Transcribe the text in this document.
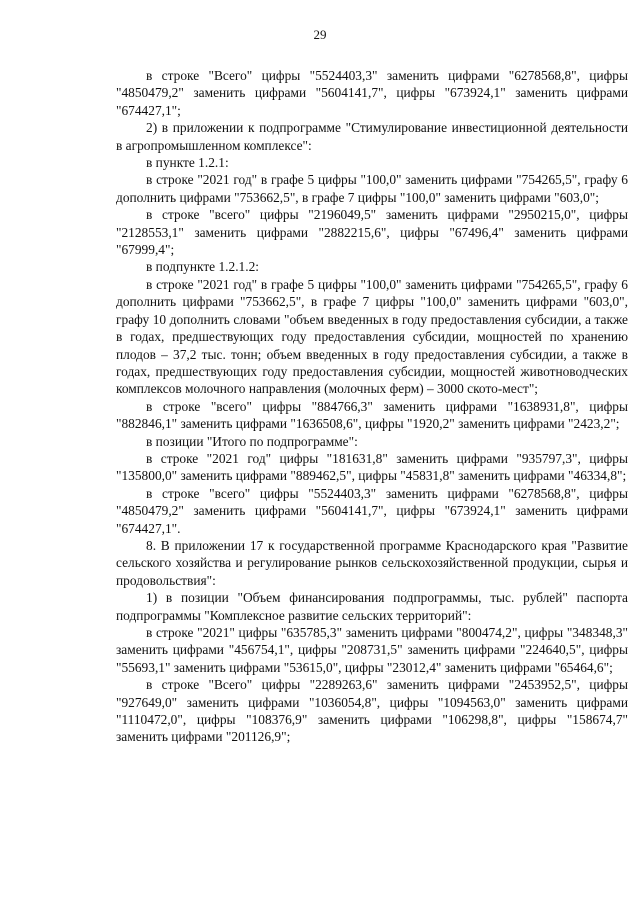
29

в строке "Всего" цифры "5524403,3" заменить цифрами "6278568,8", цифры "4850479,2" заменить цифрами "5604141,7", цифры "673924,1" заменить цифрами "674427,1";

2) в приложении к подпрограмме "Стимулирование инвестиционной деятельности в агропромышленном комплексе":

в пункте 1.2.1:

в строке "2021 год" в графе 5 цифры "100,0" заменить цифрами "754265,5", графу 6 дополнить цифрами "753662,5", в графе 7 цифры "100,0" заменить цифрами "603,0";

в строке "всего" цифры "2196049,5" заменить цифрами "2950215,0", цифры "2128553,1" заменить цифрами "2882215,6", цифры "67496,4" заменить цифрами "67999,4";

в подпункте 1.2.1.2:

в строке "2021 год" в графе 5 цифры "100,0" заменить цифрами "754265,5", графу 6 дополнить цифрами "753662,5", в графе 7 цифры "100,0" заменить цифрами "603,0", графу 10 дополнить словами "объем введенных в году предоставления субсидии, а также в годах, предшествующих году предоставления субсидии, мощностей по хранению плодов – 37,2 тыс. тонн; объем введенных в году предоставления субсидии, а также в годах, предшествующих году предоставления субсидии, мощностей животноводческих комплексов молочного направления (молочных ферм) – 3000 ското-мест";

в строке "всего" цифры "884766,3" заменить цифрами "1638931,8", цифры "882846,1" заменить цифрами "1636508,6", цифры "1920,2" заменить цифрами "2423,2";

в позиции "Итого по подпрограмме":

в строке "2021 год" цифры "181631,8" заменить цифрами "935797,3", цифры "135800,0" заменить цифрами "889462,5", цифры "45831,8" заменить цифрами "46334,8";

в строке "всего" цифры "5524403,3" заменить цифрами "6278568,8", цифры "4850479,2" заменить цифрами "5604141,7", цифры "673924,1" заменить цифрами "674427,1".

8. В приложении 17 к государственной программе Краснодарского края "Развитие сельского хозяйства и регулирование рынков сельскохозяйственной продукции, сырья и продовольствия":

1) в позиции "Объем финансирования подпрограммы, тыс. рублей" паспорта подпрограммы "Комплексное развитие сельских территорий":

в строке "2021" цифры "635785,3" заменить цифрами "800474,2", цифры "348348,3" заменить цифрами "456754,1", цифры "208731,5" заменить цифрами "224640,5", цифры "55693,1" заменить цифрами "53615,0", цифры "23012,4" заменить цифрами "65464,6";

в строке "Всего" цифры "2289263,6" заменить цифрами "2453952,5", цифры "927649,0" заменить цифрами "1036054,8", цифры "1094563,0" заменить цифрами "1110472,0", цифры "108376,9" заменить цифрами "106298,8", цифры "158674,7" заменить цифрами "201126,9";
